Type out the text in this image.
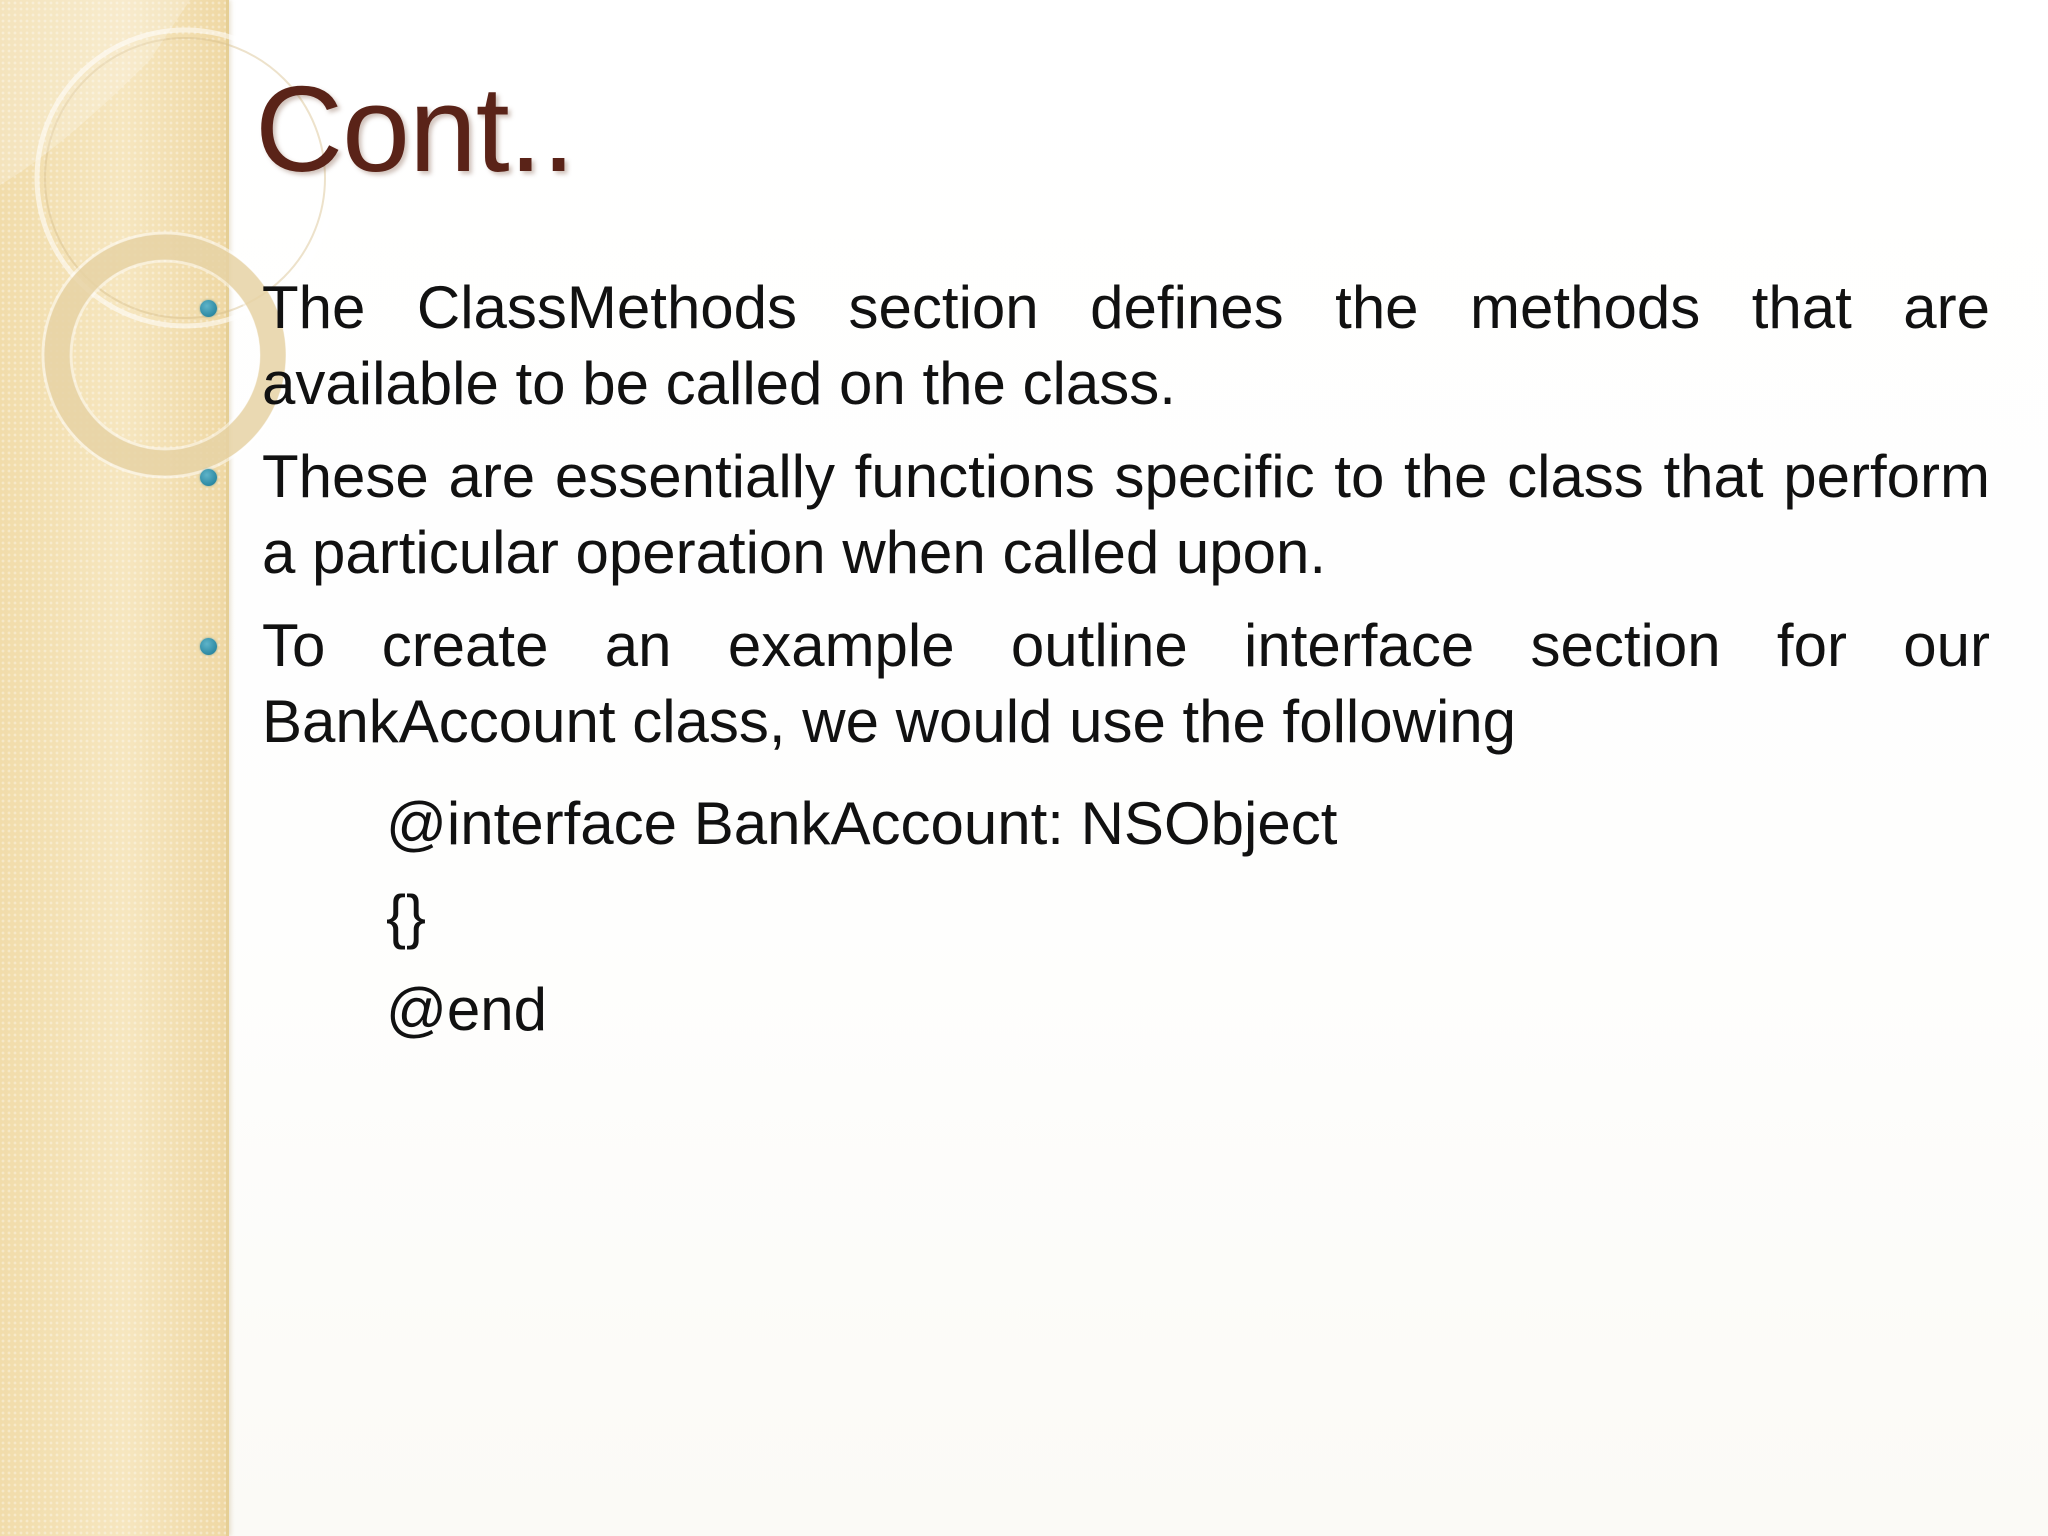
Cont..
The ClassMethods section defines the methods that are available to be called on the class.
These are essentially functions specific to the class that perform a particular operation when called upon.
To create an example outline interface section for our BankAccount class, we would use the following
@interface BankAccount: NSObject
{}
@end
